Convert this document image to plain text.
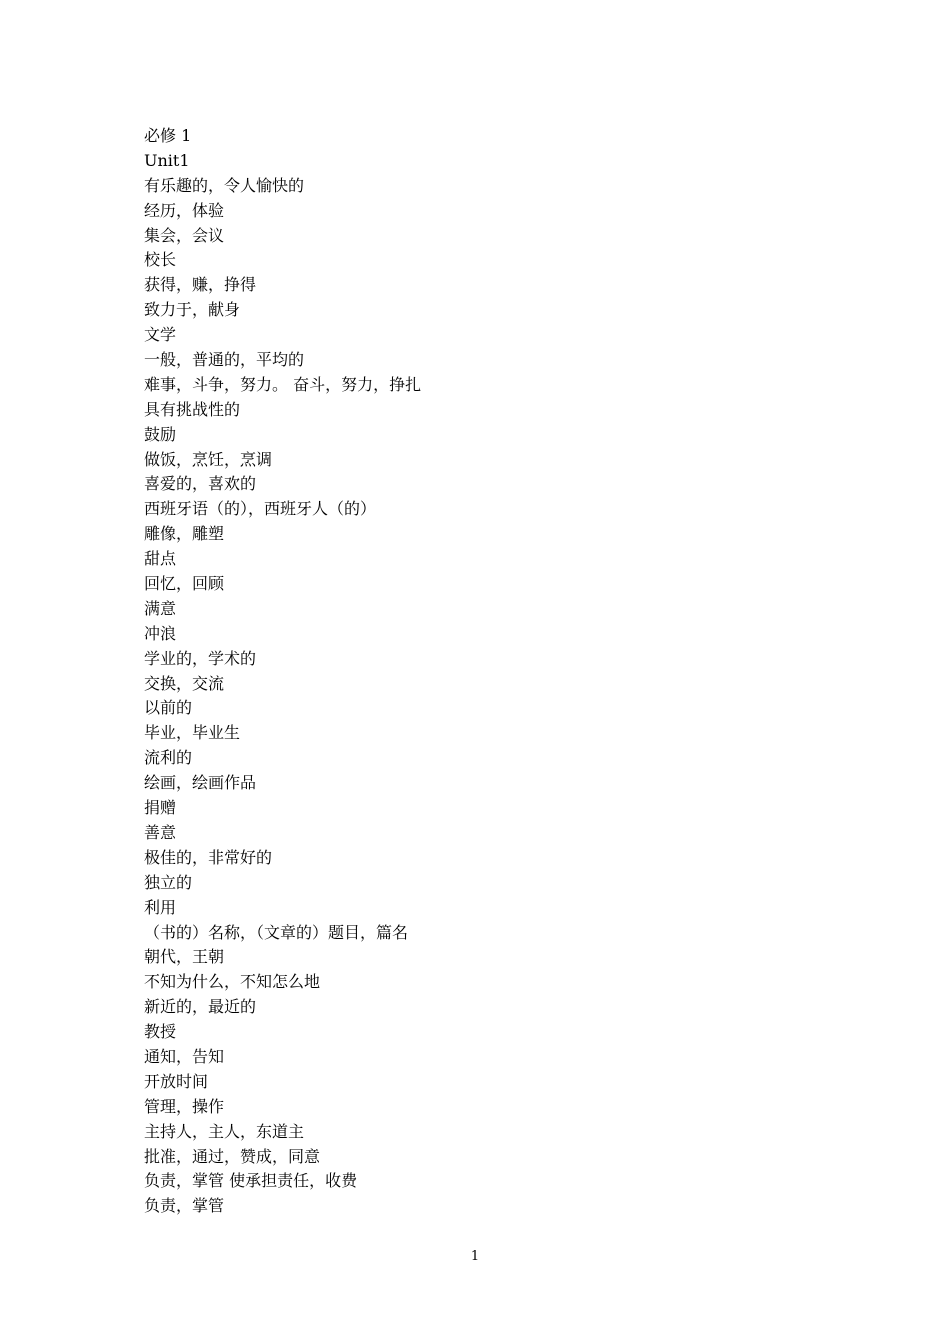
必修 1
Unit1
有乐趣的，令人愉快的
经历，体验
集会，会议
校长
获得，赚，挣得
致力于，献身
文学
一般，普通的，平均的
难事，斗争，努力。 奋斗，努力，挣扎
具有挑战性的
鼓励
做饭，烹饪，烹调
喜爱的，喜欢的
西班牙语（的），西班牙人（的）
雕像，雕塑
甜点
回忆，回顾
满意
冲浪
学业的，学术的
交换，交流
以前的
毕业，毕业生
流利的
绘画，绘画作品
捐赠
善意
极佳的，非常好的
独立的
利用
（书的）名称，（文章的）题目，篇名
朝代，王朝
不知为什么，不知怎么地
新近的，最近的
教授
通知，告知
开放时间
管理，操作
主持人，主人，东道主
批准，通过，赞成，同意
负责，掌管 使承担责任，收费
负责，掌管
1
